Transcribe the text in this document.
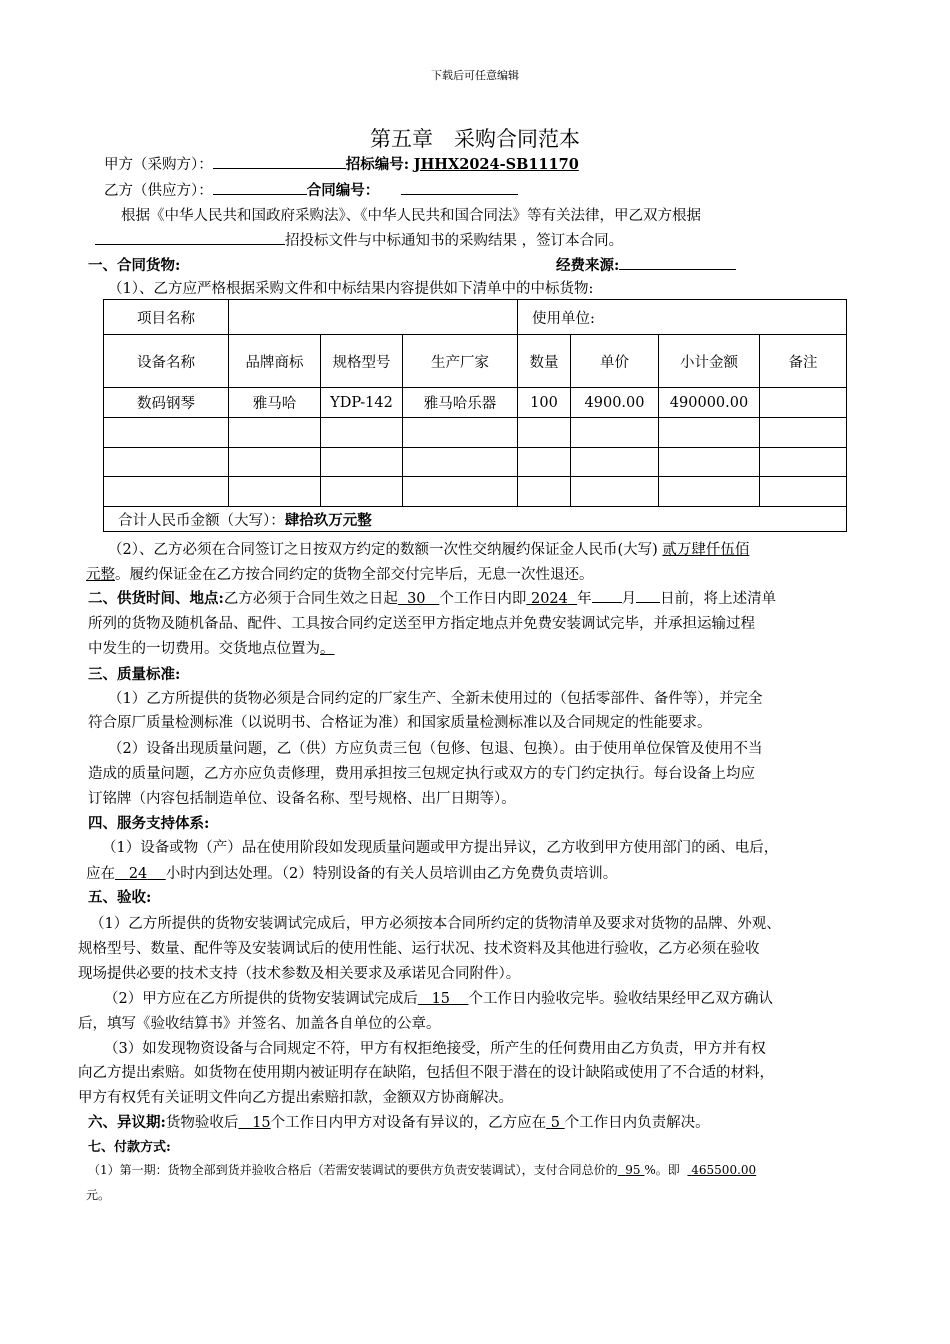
下载后可任意编辑
第五章　采购合同范本
甲方（采购方）：	招标编号: JHHX2024-SB11170
乙方（供应方）：	合同编号：
根据《中华人民共和国政府采购法》、《中华人民共和国合同法》等有关法律，甲乙双方根据
招投标文件与中标通知书的采购结果 ，签订本合同。
一、合同货物:	经费来源:
（1）、乙方应严格根据采购文件和中标结果内容提供如下清单中的中标货物:
项目名称				使用单位:			
设备名称	品牌商标	规格型号	生产厂家	数量	单价	小计金额	备注
数码钢琴	雅马哈	YDP-142	雅马哈乐器	100	4900.00	490000.00	

合计人民币金额（大写）：肆拾玖万元整							
（2）、乙方必须在合同签订之日按双方约定的数额一次性交纳履约保证金人民币(大写) 贰万肆仟伍佰
元整。履约保证金在乙方按合同约定的货物全部交付完毕后，无息一次性退还。
二、供货时间、地点:乙方必须于合同生效之日起 30 个工作日内即 2024 年 月 日前，将上述清单
所列的货物及随机备品、配件、工具按合同约定送至甲方指定地点并免费安装调试完毕，并承担运输过程
中发生的一切费用。交货地点位置为。
三、质量标准:
（1）乙方所提供的货物必须是合同约定的厂家生产、全新未使用过的（包括零部件、备件等），并完全
符合原厂质量检测标准（以说明书、合格证为准）和国家质量检测标准以及合同规定的性能要求。
（2）设备出现质量问题，乙（供）方应负责三包（包修、包退、包换）。由于使用单位保管及使用不当
造成的质量问题，乙方亦应负责修理，费用承担按三包规定执行或双方的专门约定执行。每台设备上均应
订铭牌（内容包括制造单位、设备名称、型号规格、出厂日期等）。
四、服务支持体系:
（1）设备或物（产）品在使用阶段如发现质量问题或甲方提出异议，乙方收到甲方使用部门的函、电后，
应在 24 小时内到达处理。（2）特别设备的有关人员培训由乙方免费负责培训。
五、验收:
（1）乙方所提供的货物安装调试完成后，甲方必须按本合同所约定的货物清单及要求对货物的品牌、外观、
规格型号、数量、配件等及安装调试后的使用性能、运行状况、技术资料及其他进行验收，乙方必须在验收
现场提供必要的技术支持（技术参数及相关要求及承诺见合同附件）。
（2）甲方应在乙方所提供的货物安装调试完成后 15 个工作日内验收完毕。验收结果经甲乙双方确认
后，填写《验收结算书》并签名、加盖各自单位的公章。
（3）如发现物资设备与合同规定不符，甲方有权拒绝接受，所产生的任何费用由乙方负责，甲方并有权
向乙方提出索赔。如货物在使用期内被证明存在缺陷，包括但不限于潜在的设计缺陷或使用了不合适的材料，
甲方有权凭有关证明文件向乙方提出索赔扣款，金额双方协商解决。
六、异议期:货物验收后 15个工作日内甲方对设备有异议的，乙方应在 5 个工作日内负责解决。
七、付款方式:
（1）第一期：货物全部到货并验收合格后（若需安装调试的要供方负责安装调试），支付合同总价的 95 %。即 465500.00
元。
